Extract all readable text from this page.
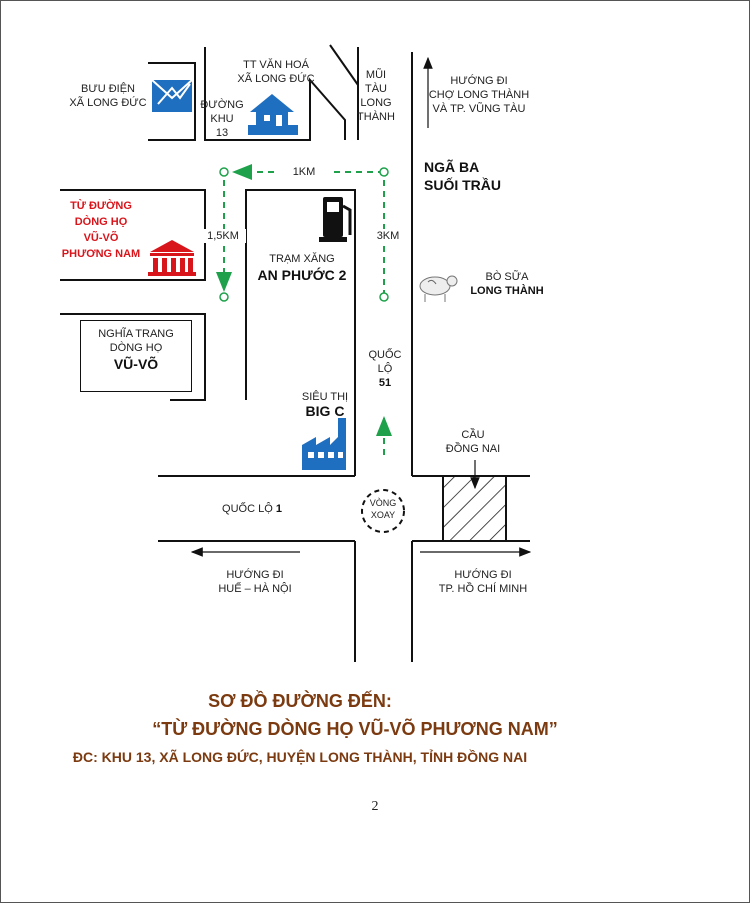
BƯU ĐIỆN
XÃ LONG ĐỨC
TT VĂN HOÁ
XÃ LONG ĐỨC
ĐƯỜNG
KHU
13
MŨI
TÀU
LONG
THÀNH
HƯỚNG ĐI
CHỢ LONG THÀNH
VÀ TP. VŨNG TÀU
NGÃ BA
SUỐI TRẦU
1KM
1,5KM	3KM
TỪ ĐƯỜNG
DÒNG HỌ
VŨ-VÕ
PHƯƠNG NAM	TRẠM XĂNG
AN PHƯỚC 2	BÒ SỮA
LONG THÀNH
NGHĨA TRANG
DÒNG HỌ
VŨ-VÕ
QUỐC
LỘ
51
SIÊU THỊ
BIG C
CẦU
ĐỒNG NAI
QUỐC LỘ 1	VÒNG
XOAY
HƯỚNG ĐI
HUẾ – HÀ NỘI
HƯỚNG ĐI
TP. HỒ CHÍ MINH
SƠ ĐỒ ĐƯỜNG ĐẾN:
“TỪ ĐƯỜNG DÒNG HỌ VŨ-VÕ PHƯƠNG NAM”
ĐC: KHU 13, XÃ LONG ĐỨC, HUYỆN LONG THÀNH, TỈNH ĐỒNG NAI
2
